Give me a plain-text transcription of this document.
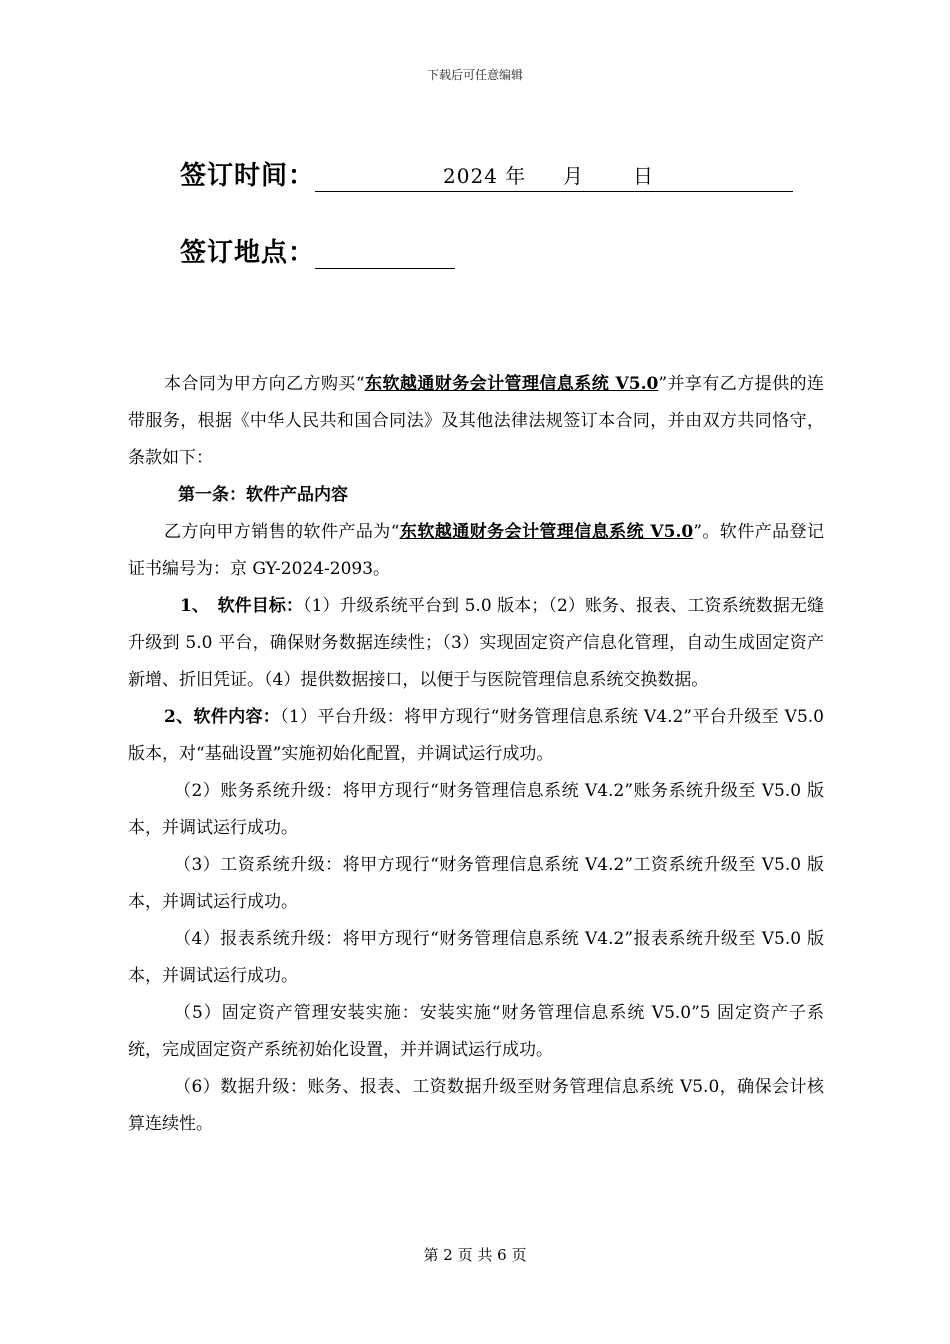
下载后可任意编辑
签订时间：	2024 年 月 日
签订地点：

本合同为甲方向乙方购买“东软越通财务会计管理信息系统 V5.0”并享有乙方提供的连带服务，根据《中华人民共和国合同法》及其他法律法规签订本合同，并由双方共同恪守，条款如下：

第一条：软件产品内容

乙方向甲方销售的软件产品为“东软越通财务会计管理信息系统 V5.0”。软件产品登记证书编号为：京 GY-2024-2093。

1、　软件目标：（1）升级系统平台到 5.0 版本；（2）账务、报表、工资系统数据无缝升级到 5.0 平台，确保财务数据连续性；（3）实现固定资产信息化管理，自动生成固定资产新增、折旧凭证。（4）提供数据接口，以便于与医院管理信息系统交换数据。

2、软件内容：（1）平台升级：将甲方现行“财务管理信息系统 V4.2”平台升级至 V5.0 版本，对“基础设置”实施初始化配置，并调试运行成功。

（2）账务系统升级：将甲方现行“财务管理信息系统 V4.2”账务系统升级至 V5.0 版本，并调试运行成功。

（3）工资系统升级：将甲方现行“财务管理信息系统 V4.2”工资系统升级至 V5.0 版本，并调试运行成功。

（4）报表系统升级：将甲方现行“财务管理信息系统 V4.2”报表系统升级至 V5.0 版本，并调试运行成功。

（5）固定资产管理安装实施：安装实施“财务管理信息系统 V5.0”5 固定资产子系统，完成固定资产系统初始化设置，并并调试运行成功。

（6）数据升级：账务、报表、工资数据升级至财务管理信息系统 V5.0，确保会计核算连续性。

第 2 页 共 6 页
